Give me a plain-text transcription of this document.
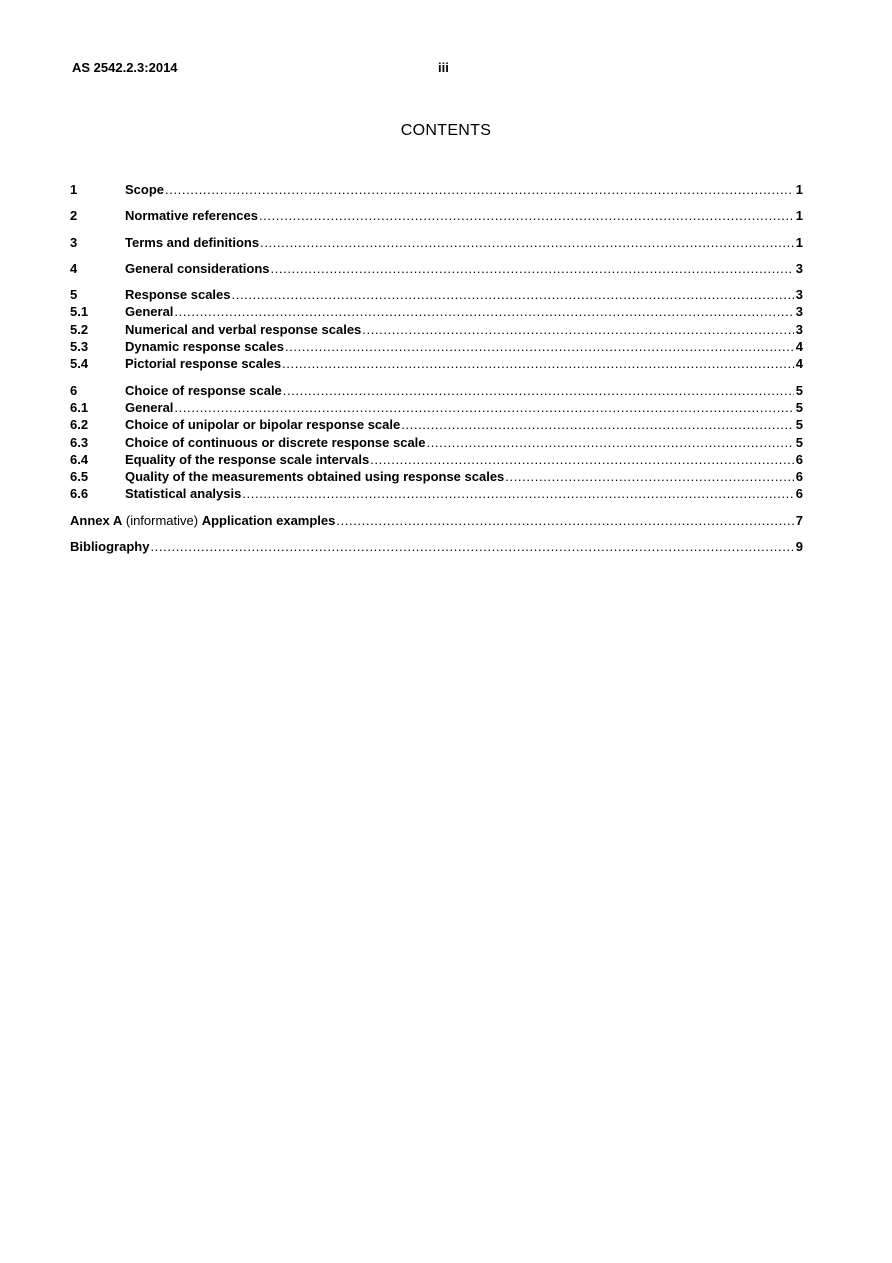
AS 2542.2.3:2014	iii
CONTENTS
1	Scope .....	1
2	Normative references .....	1
3	Terms and definitions .....	1
4	General considerations .....	3
5	Response scales .....	3
5.1	General .....	3
5.2	Numerical and verbal response scales .....	3
5.3	Dynamic response scales .....	4
5.4	Pictorial response scales .....	4
6	Choice of response scale .....	5
6.1	General .....	5
6.2	Choice of unipolar or bipolar response scale .....	5
6.3	Choice of continuous or discrete response scale .....	5
6.4	Equality of the response scale intervals .....	6
6.5	Quality of the measurements obtained using response scales .....	6
6.6	Statistical analysis .....	6
Annex A (informative) Application examples .....	7
Bibliography .....	9
